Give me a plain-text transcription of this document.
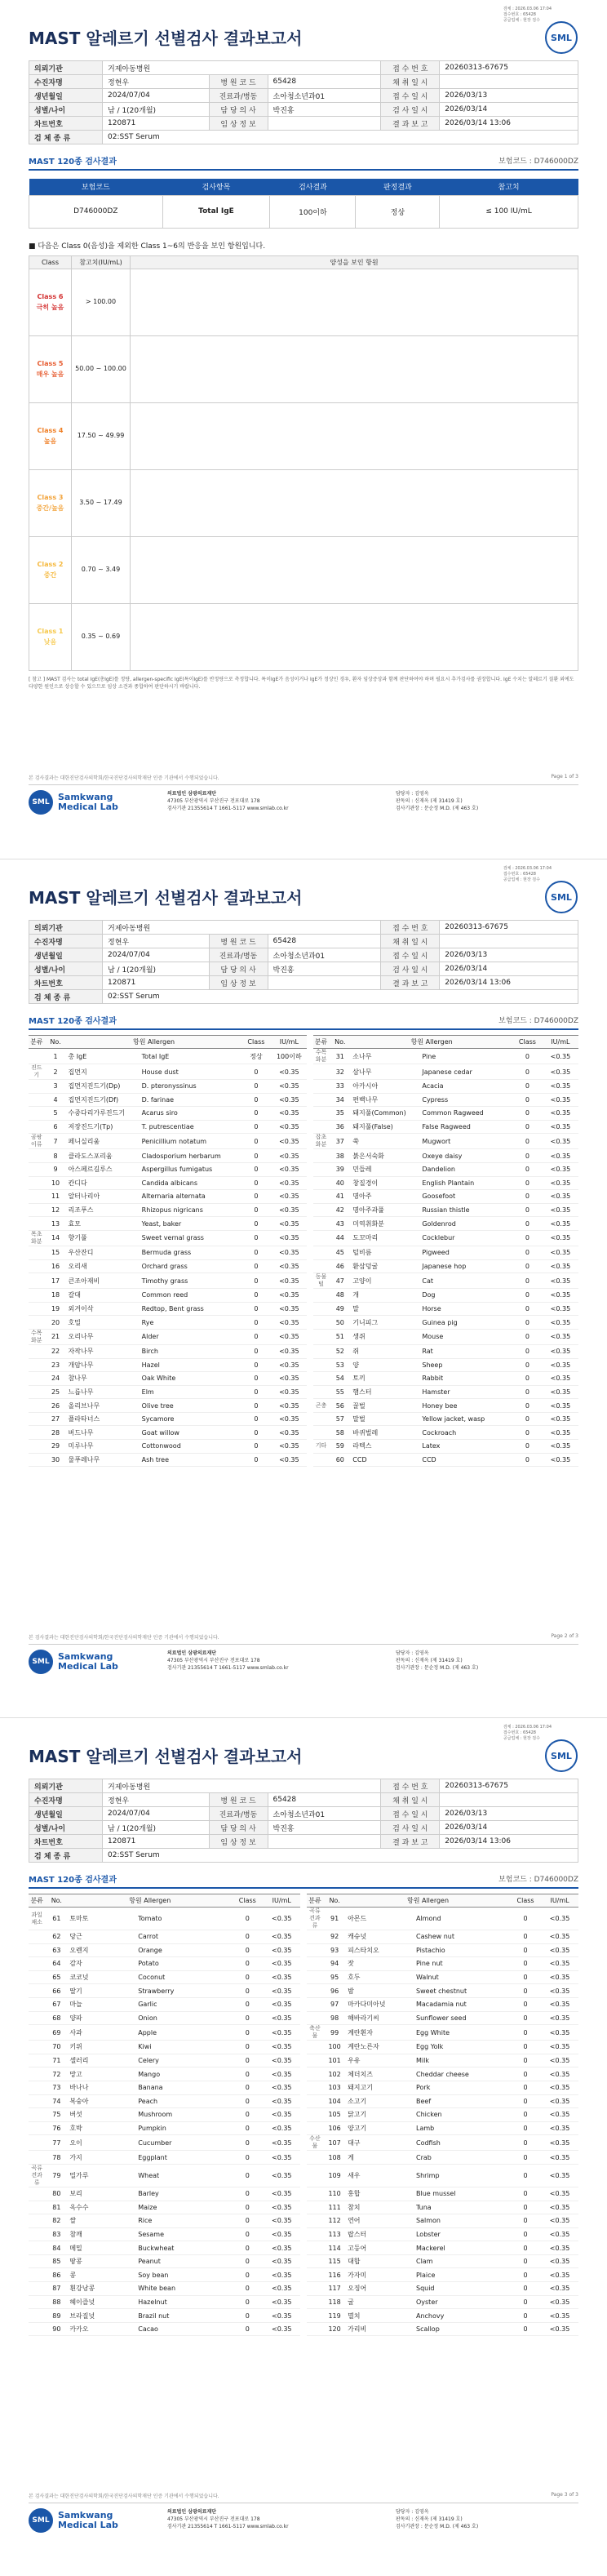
검체 : 2026.03.06 17:04
접수번호 : 65428
공급업체 : 현장 검수
SML
MAST 알레르기 선별검사 결과보고서
의뢰기관	거제아동병원			접 수 번 호	20260313-67675
수진자명	정현우	병 원 코 드	65428	채 취 일 시	
생년월일	2024/07/04	진료과/병동	소아청소년과01	접 수 일 시	2026/03/13
성별/나이	남 / 1(20개월)	담 당 의 사	박진홍	검 사 일 시	2026/03/14
차트번호	120871	임 상 정 보		결 과 보 고	2026/03/14 13:06
검 체 종 류	02:SST Serum				
MAST 120종 검사결과	보험코드 : D746000DZ
보험코드	검사항목	검사결과	판정결과	참고치
D746000DZ	Total IgE	100이하	정상	≤ 100 IU/mL
■ 다음은 Class 0(음성)을 제외한 Class 1~6의 반응을 보인 항원입니다.
Class	참고치(IU/mL)	양성을 보인 항원

Class 6
극히 높음	> 100.00	

Class 5
매우 높음	50.00 ~ 100.00	

Class 4
높음	17.50 ~ 49.99	

Class 3
중간/높음	3.50 ~ 17.49	

Class 2
중간	0.70 ~ 3.49	

Class 1
낮음	0.35 ~ 0.69	
[ 참고 ] MAST 검사는 total IgE(총IgE)를 정량, allergen-specific IgE(특이IgE)를 반정량으로 측정합니다. 특이IgE가 음성이거나 IgE가 정상인 경우, 환자 임상증상과 함께 판단하여야 하며 필요시 추가검사를 권장합니다. IgE 수치는 알레르기 질환 외에도 다양한 원인으로 상승할 수 있으므로 임상 소견과 종합하여 판단하시기 바랍니다.
본 검사결과는 대한진단검사의학회/한국진단검사의학재단 인증 기관에서 수행되었습니다.	Page 1 of 3
SML Samkwang
Medical Lab
의료법인 삼광의료재단
47305 부산광역시 부산진구 전포대로 178
검사기관 21355614 T 1661-5117 www.smlab.co.kr
담당자 : 김영옥
판독의 : 신재옥 (제 31419 호)
검사기관장 : 문순정 M.D. (제 463 호)
검체 : 2026.03.06 17:04
접수번호 : 65428
공급업체 : 현장 검수
SML
MAST 알레르기 선별검사 결과보고서
의뢰기관	거제아동병원			접 수 번 호	20260313-67675
수진자명	정현우	병 원 코 드	65428	채 취 일 시	
생년월일	2024/07/04	진료과/병동	소아청소년과01	접 수 일 시	2026/03/13
성별/나이	남 / 1(20개월)	담 당 의 사	박진홍	검 사 일 시	2026/03/14
차트번호	120871	임 상 정 보		결 과 보 고	2026/03/14 13:06
검 체 종 류	02:SST Serum				
MAST 120종 검사결과	보험코드 : D746000DZ
분류	No.	항원 Allergen		Class	IU/mL		분류	No.	항원 Allergen		Class	IU/mL
	1	총 IgE	Total IgE	정상	100이하		수목화분	31	소나무	Pine	0	<0.35
진드기	2	집먼지	House dust	0	<0.35			32	삼나무	Japanese cedar	0	<0.35
	3	집먼지진드기(Dp)	D. pteronyssinus	0	<0.35			33	아카시아	Acacia	0	<0.35
	4	집먼지진드기(Df)	D. farinae	0	<0.35			34	편백나무	Cypress	0	<0.35
	5	수중다리가루진드기	Acarus siro	0	<0.35			35	돼지풀(Common)	Common Ragweed	0	<0.35
	6	저장진드기(Tp)	T. putrescentiae	0	<0.35			36	돼지풀(False)	False Ragweed	0	<0.35
곰팡이류	7	페니실리움	Penicillium notatum	0	<0.35		잡초화분	37	쑥	Mugwort	0	<0.35
	8	클라도스포리움	Cladosporium herbarum	0	<0.35			38	붉은서숙화	Oxeye daisy	0	<0.35
	9	아스페르길루스	Aspergillus fumigatus	0	<0.35			39	민들레	Dandelion	0	<0.35
	10	칸디다	Candida albicans	0	<0.35			40	창질경이	English Plantain	0	<0.35
	11	알터나리아	Alternaria alternata	0	<0.35			41	명아주	Goosefoot	0	<0.35
	12	리조푸스	Rhizopus nigricans	0	<0.35			42	명아주과풀	Russian thistle	0	<0.35
	13	효모	Yeast, baker	0	<0.35			43	미역취화분	Goldenrod	0	<0.35
목초화분	14	향기풀	Sweet vernal grass	0	<0.35			44	도꼬마리	Cocklebur	0	<0.35
	15	우산잔디	Bermuda grass	0	<0.35			45	털비름	Pigweed	0	<0.35
	16	오리새	Orchard grass	0	<0.35			46	환삼덩굴	Japanese hop	0	<0.35
	17	큰조아재비	Timothy grass	0	<0.35		동물털	47	고양이	Cat	0	<0.35
	18	갈대	Common reed	0	<0.35			48	개	Dog	0	<0.35
	19	외겨이삭	Redtop, Bent grass	0	<0.35			49	말	Horse	0	<0.35
	20	호밀	Rye	0	<0.35			50	기니피그	Guinea pig	0	<0.35
수목화분	21	오리나무	Alder	0	<0.35			51	생쥐	Mouse	0	<0.35
	22	자작나무	Birch	0	<0.35			52	쥐	Rat	0	<0.35
	23	개암나무	Hazel	0	<0.35			53	양	Sheep	0	<0.35
	24	참나무	Oak White	0	<0.35			54	토끼	Rabbit	0	<0.35
	25	느릅나무	Elm	0	<0.35			55	햄스터	Hamster	0	<0.35
	26	올리브나무	Olive tree	0	<0.35		곤충	56	꿀벌	Honey bee	0	<0.35
	27	플라타너스	Sycamore	0	<0.35			57	말벌	Yellow jacket, wasp	0	<0.35
	28	버드나무	Goat willow	0	<0.35			58	바퀴벌레	Cockroach	0	<0.35
	29	미루나무	Cottonwood	0	<0.35		기타	59	라텍스	Latex	0	<0.35
	30	물푸레나무	Ash tree	0	<0.35			60	CCD	CCD	0	<0.35
본 검사결과는 대한진단검사의학회/한국진단검사의학재단 인증 기관에서 수행되었습니다.	Page 2 of 3
SML Samkwang
Medical Lab
의료법인 삼광의료재단
47305 부산광역시 부산진구 전포대로 178
검사기관 21355614 T 1661-5117 www.smlab.co.kr
담당자 : 김영옥
판독의 : 신재옥 (제 31419 호)
검사기관장 : 문순정 M.D. (제 463 호)
검체 : 2026.03.06 17:04
접수번호 : 65428
공급업체 : 현장 검수
SML
MAST 알레르기 선별검사 결과보고서
의뢰기관	거제아동병원			접 수 번 호	20260313-67675
수진자명	정현우	병 원 코 드	65428	채 취 일 시	
생년월일	2024/07/04	진료과/병동	소아청소년과01	접 수 일 시	2026/03/13
성별/나이	남 / 1(20개월)	담 당 의 사	박진홍	검 사 일 시	2026/03/14
차트번호	120871	임 상 정 보		결 과 보 고	2026/03/14 13:06
검 체 종 류	02:SST Serum				
MAST 120종 검사결과	보험코드 : D746000DZ
분류	No.	항원 Allergen		Class	IU/mL		분류	No.	항원 Allergen		Class	IU/mL
과일채소	61	토마토	Tomato	0	<0.35		곡류견과류	91	아몬드	Almond	0	<0.35
	62	당근	Carrot	0	<0.35			92	캐슈넛	Cashew nut	0	<0.35
	63	오렌지	Orange	0	<0.35			93	피스타치오	Pistachio	0	<0.35
	64	감자	Potato	0	<0.35			94	잣	Pine nut	0	<0.35
	65	코코넛	Coconut	0	<0.35			95	호두	Walnut	0	<0.35
	66	딸기	Strawberry	0	<0.35			96	밤	Sweet chestnut	0	<0.35
	67	마늘	Garlic	0	<0.35			97	마카다미아넛	Macadamia nut	0	<0.35
	68	양파	Onion	0	<0.35			98	해바라기씨	Sunflower seed	0	<0.35
	69	사과	Apple	0	<0.35		축산물	99	계란흰자	Egg White	0	<0.35
	70	키위	Kiwi	0	<0.35			100	계란노른자	Egg Yolk	0	<0.35
	71	셀러리	Celery	0	<0.35			101	우유	Milk	0	<0.35
	72	망고	Mango	0	<0.35			102	체더치즈	Cheddar cheese	0	<0.35
	73	바나나	Banana	0	<0.35			103	돼지고기	Pork	0	<0.35
	74	복숭아	Peach	0	<0.35			104	소고기	Beef	0	<0.35
	75	버섯	Mushroom	0	<0.35			105	닭고기	Chicken	0	<0.35
	76	호박	Pumpkin	0	<0.35			106	양고기	Lamb	0	<0.35
	77	오이	Cucumber	0	<0.35		수산물	107	대구	Codfish	0	<0.35
	78	가지	Eggplant	0	<0.35			108	게	Crab	0	<0.35
곡류견과류	79	밀가루	Wheat	0	<0.35			109	새우	Shrimp	0	<0.35
	80	보리	Barley	0	<0.35			110	홍합	Blue mussel	0	<0.35
	81	옥수수	Maize	0	<0.35			111	참치	Tuna	0	<0.35
	82	쌀	Rice	0	<0.35			112	연어	Salmon	0	<0.35
	83	참깨	Sesame	0	<0.35			113	랍스터	Lobster	0	<0.35
	84	메밀	Buckwheat	0	<0.35			114	고등어	Mackerel	0	<0.35
	85	땅콩	Peanut	0	<0.35			115	대합	Clam	0	<0.35
	86	콩	Soy bean	0	<0.35			116	가자미	Plaice	0	<0.35
	87	흰강낭콩	White bean	0	<0.35			117	오징어	Squid	0	<0.35
	88	헤이즐넛	Hazelnut	0	<0.35			118	굴	Oyster	0	<0.35
	89	브라질넛	Brazil nut	0	<0.35			119	멸치	Anchovy	0	<0.35
	90	카카오	Cacao	0	<0.35			120	가리비	Scallop	0	<0.35
본 검사결과는 대한진단검사의학회/한국진단검사의학재단 인증 기관에서 수행되었습니다.	Page 3 of 3
SML Samkwang
Medical Lab
의료법인 삼광의료재단
47305 부산광역시 부산진구 전포대로 178
검사기관 21355614 T 1661-5117 www.smlab.co.kr
담당자 : 김영옥
판독의 : 신재옥 (제 31419 호)
검사기관장 : 문순정 M.D. (제 463 호)
